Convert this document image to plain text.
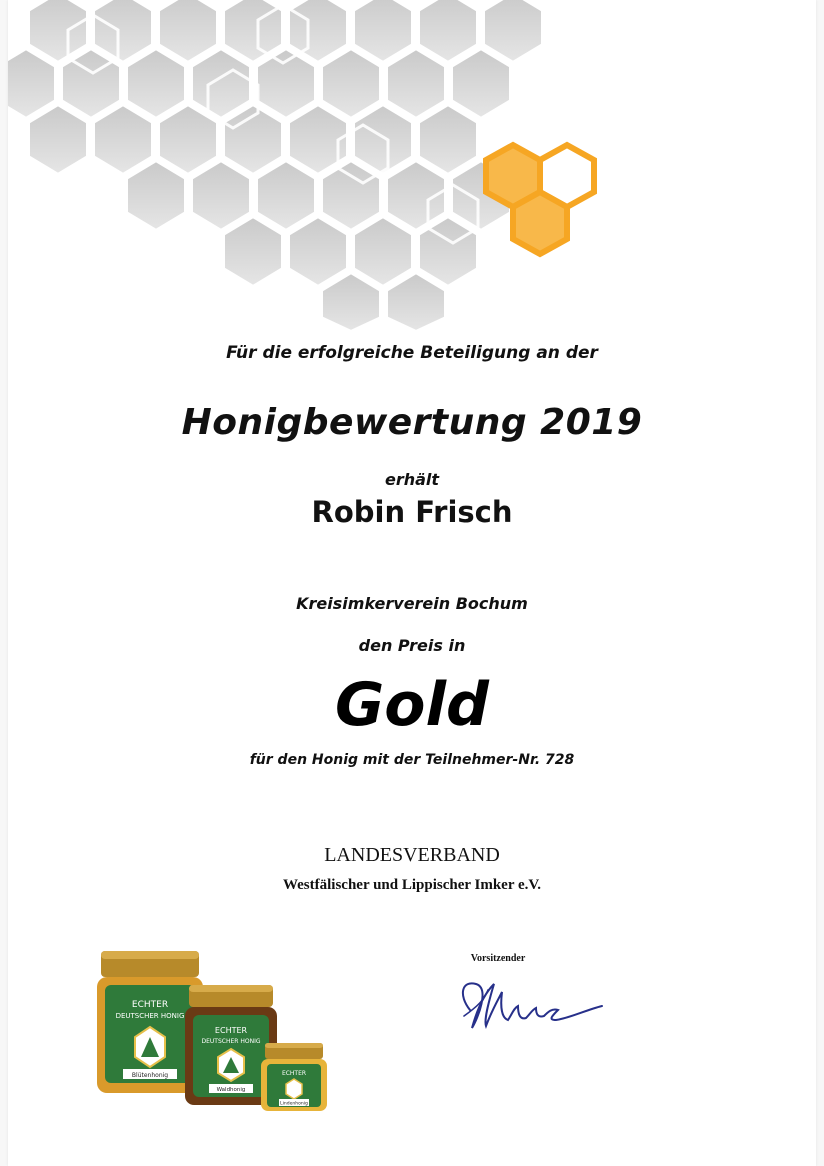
Für die erfolgreiche Beteiligung an der
Honigbewertung 2019
erhält
Robin Frisch
Kreisimkerverein Bochum
den Preis in
Gold
für den Honig mit der Teilnehmer-Nr. 728
LANDESVERBAND
Westfälischer und Lippischer Imker e.V.
Vorsitzender
ECHTER
DEUTSCHER HONIG
Blütenhonig
ECHTER
DEUTSCHER HONIG
Waldhonig
ECHTER
Lindenhonig
